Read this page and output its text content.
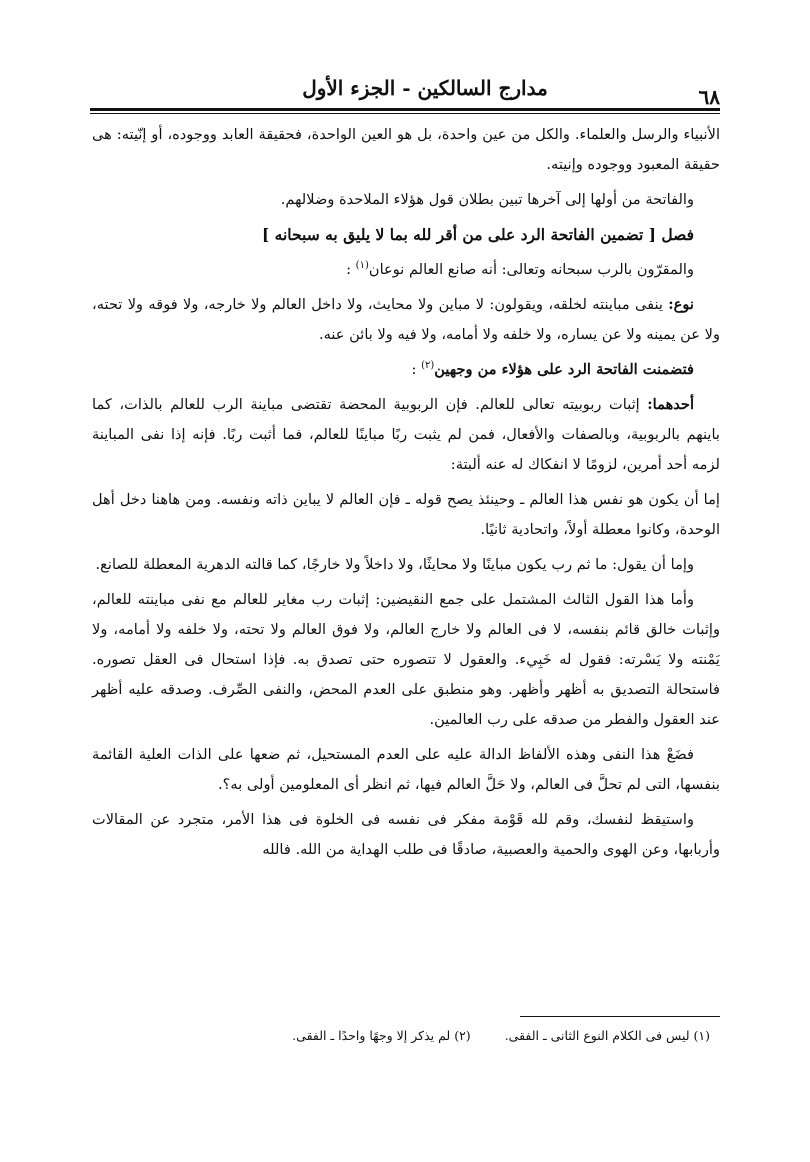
٦٨
مدارج السالكين - الجزء الأول

الأنبياء والرسل والعلماء. والكل من عين واحدة، بل هو العين الواحدة، فحقيقة العابد ووجوده، أو إنّيته: هى حقيقة المعبود ووجوده وإنيته.

والفاتحة من أولها إلى آخرها تبين بطلان قول هؤلاء الملاحدة وضلالهم.

فصل [ تضمين الفاتحة الرد على من أقر لله بما لا يليق به سبحانه ]

والمقرّون بالرب سبحانه وتعالى: أنه صانع العالم نوعان$^{(١)}$ :

نوع: ينفى مباينته لخلقه، ويقولون: لا مباين ولا محايث، ولا داخل العالم ولا خارجه، ولا فوقه ولا تحته، ولا عن يمينه ولا عن يساره، ولا خلفه ولا أمامه، ولا فيه ولا بائن عنه.

فتضمنت الفاتحة الرد على هؤلاء من وجهين$^{(٢)}$ :

أحدهما: إثبات ربوبيته تعالى للعالم. فإن الربوبية المحضة تقتضى مباينة الرب للعالم بالذات، كما باينهم بالربوبية، وبالصفات والأفعال، فمن لم يثبت ربًا مباينًا للعالم، فما أثبت ربًا. فإنه إذا نفى المباينة لزمه أحد أمرين، لزومًا لا انفكاك له عنه ألبتة:

إما أن يكون هو نفس هذا العالم ـ وحينئذ يصح قوله ـ فإن العالم لا يباين ذاته ونفسه. ومن هاهنا دخل أهل الوحدة، وكانوا معطلة أولاً، واتحادية ثانيًا.

وإما أن يقول: ما ثم رب يكون مباينًا ولا محايثًا، ولا داخلاً ولا خارجًا، كما قالته الدهرية المعطلة للصانع.

وأما هذا القول الثالث المشتمل على جمع النقيضين: إثبات رب مغاير للعالم مع نفى مباينته للعالم، وإثبات خالق قائم بنفسه، لا فى العالم ولا خارج العالم، ولا فوق العالم ولا تحته، ولا خلفه ولا أمامه، ولا يَمْنته ولا يَسْرته: فقول له خَبِيء. والعقول لا تتصوره حتى تصدق به. فإذا استحال فى العقل تصوره. فاستحالة التصديق به أظهر وأظهر. وهو منطبق على العدم المحض، والنفى الصِّرف. وصدقه عليه أظهر عند العقول والفطر من صدقه على رب العالمين.

فضَعْ هذا النفى وهذه الألفاظ الدالة عليه على العدم المستحيل، ثم ضعها على الذات العلية القائمة بنفسها، التى لم تحلَّ فى العالم، ولا حَلَّ العالم فيها، ثم انظر أى المعلومين أولى به؟.

واستيقظ لنفسك، وقم لله قَوْمة مفكر فى نفسه فى الخلوة فى هذا الأمر، متجرد عن المقالات وأربابها، وعن الهوى والحمية والعصبية، صادقًا فى طلب الهداية من الله. فالله

(١) ليس فى الكلام النوع الثانى ـ الفقى.(٢) لم يذكر إلا وجهًا واحدًا ـ الفقى.
